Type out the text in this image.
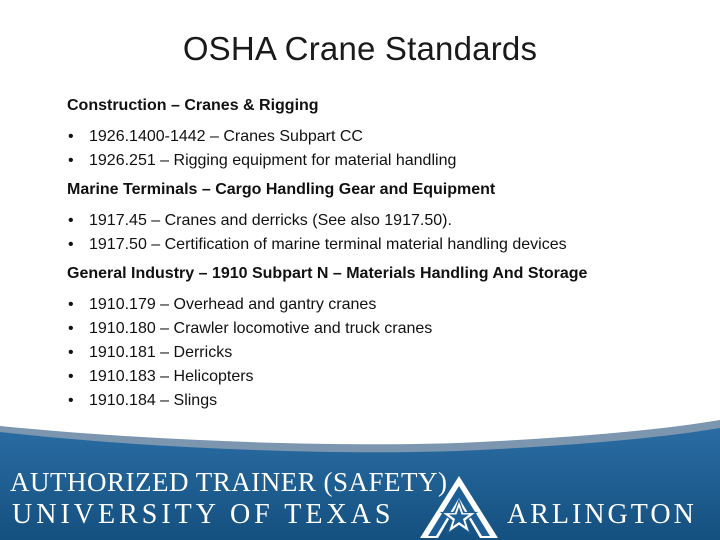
OSHA Crane Standards
Construction – Cranes & Rigging
• 1926.1400-1442 – Cranes Subpart CC
• 1926.251 – Rigging equipment for material handling
Marine Terminals – Cargo Handling Gear and Equipment
• 1917.45 – Cranes and derricks (See also 1917.50).
• 1917.50 – Certification of marine terminal material handling devices
General Industry – 1910 Subpart N – Materials Handling And Storage
• 1910.179 – Overhead and gantry cranes
• 1910.180 – Crawler locomotive and truck cranes
• 1910.181 – Derricks
• 1910.183 – Helicopters
• 1910.184 – Slings
AUTHORIZED TRAINER (SAFETY)
UNIVERSITY OF TEXAS	ARLINGTON
